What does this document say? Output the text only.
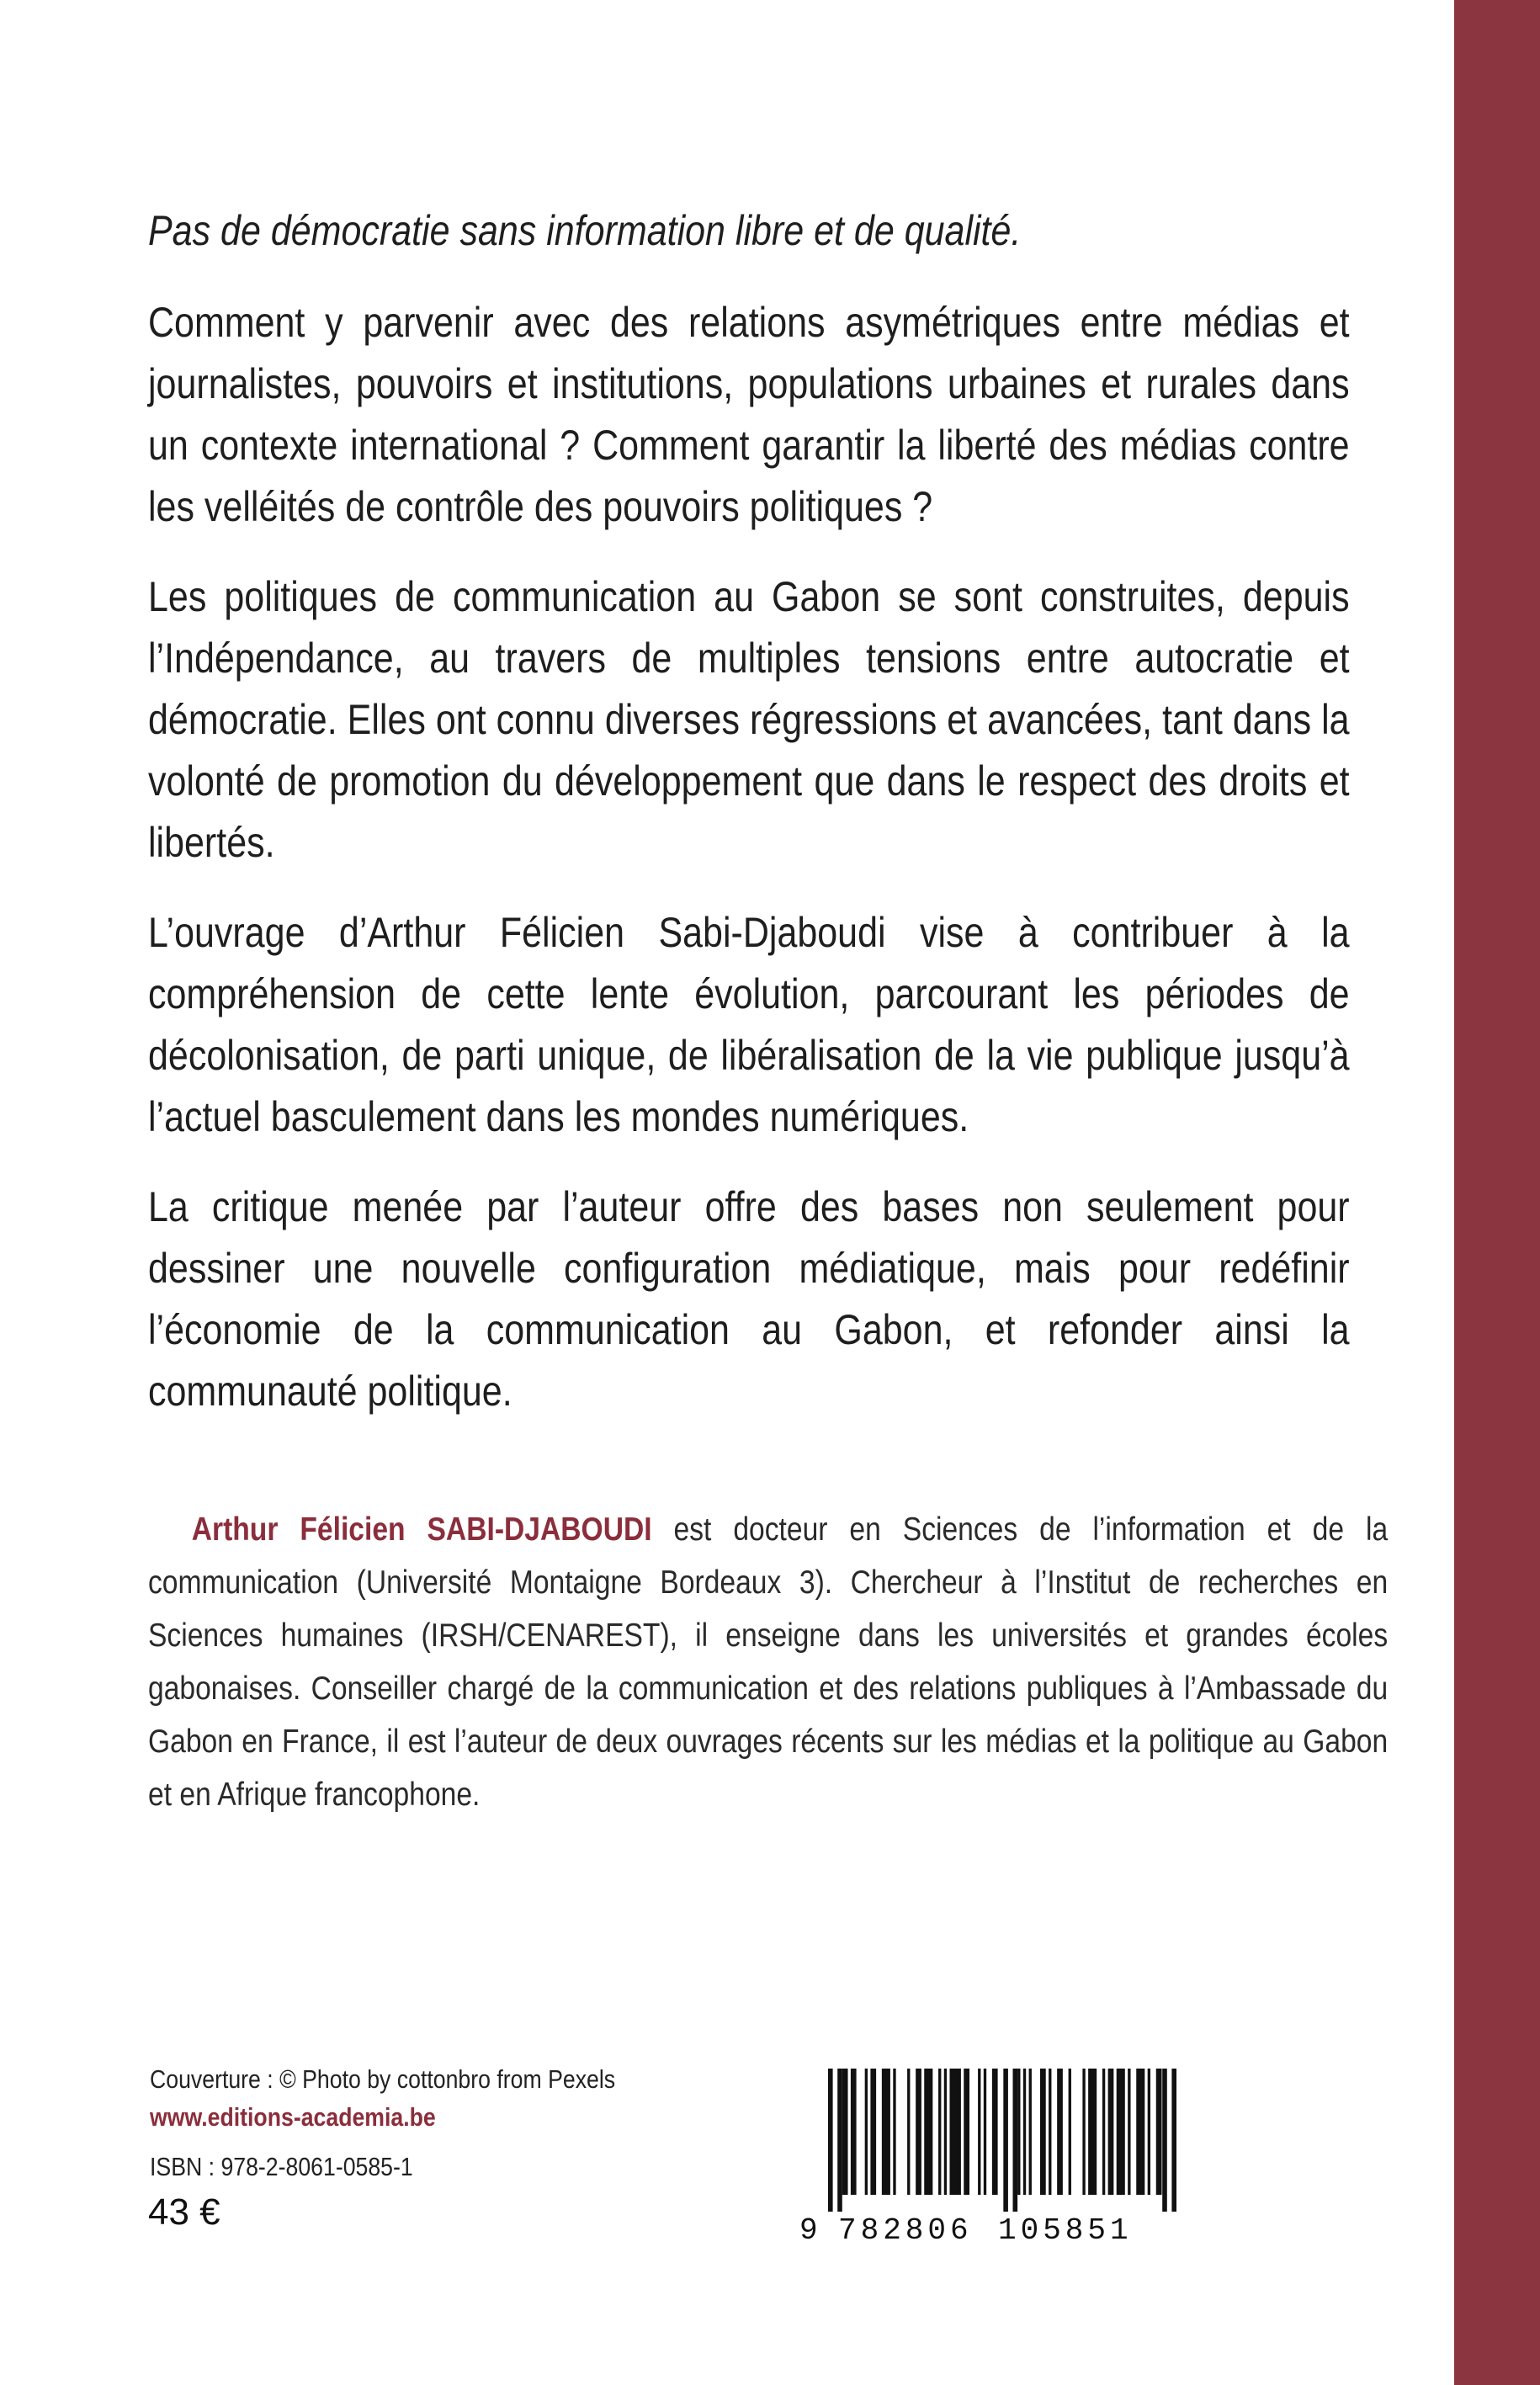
Pas de démocratie sans information libre et de qualité.

Comment y parvenir avec des relations asymétriques entre médias et journalistes, pouvoirs et institutions, populations urbaines et rurales dans un contexte international ? Comment garantir la liberté des médias contre les velléités de contrôle des pouvoirs politiques ?

Les politiques de communication au Gabon se sont construites, depuis l’Indépendance, au travers de multiples tensions entre autocratie et démocratie. Elles ont connu diverses régressions et avancées, tant dans la volonté de promotion du développement que dans le respect des droits et libertés.

L’ouvrage d’Arthur Félicien Sabi-Djaboudi vise à contribuer à la compréhension de cette lente évolution, parcourant les périodes de décolonisation, de parti unique, de libéralisation de la vie publique jusqu’à l’actuel basculement dans les mondes numériques.

La critique menée par l’auteur offre des bases non seulement pour dessiner une nouvelle configuration médiatique, mais pour redéfinir l’économie de la communication au Gabon, et refonder ainsi la communauté politique.

Arthur Félicien SABI-DJABOUDI est docteur en Sciences de l’information et de la communication (Université Montaigne Bordeaux 3). Chercheur à l’Institut de recherches en Sciences humaines (IRSH/CENAREST), il enseigne dans les universités et grandes écoles gabonaises. Conseiller chargé de la communication et des relations publiques à l’Ambassade du Gabon en France, il est l’auteur de deux ouvrages récents sur les médias et la politique au Gabon et en Afrique francophone.
Couverture : © Photo by cottonbro from Pexels
www.editions-academia.be
ISBN : 978-2-8061-0585-1
43 €	9 782806 105851
